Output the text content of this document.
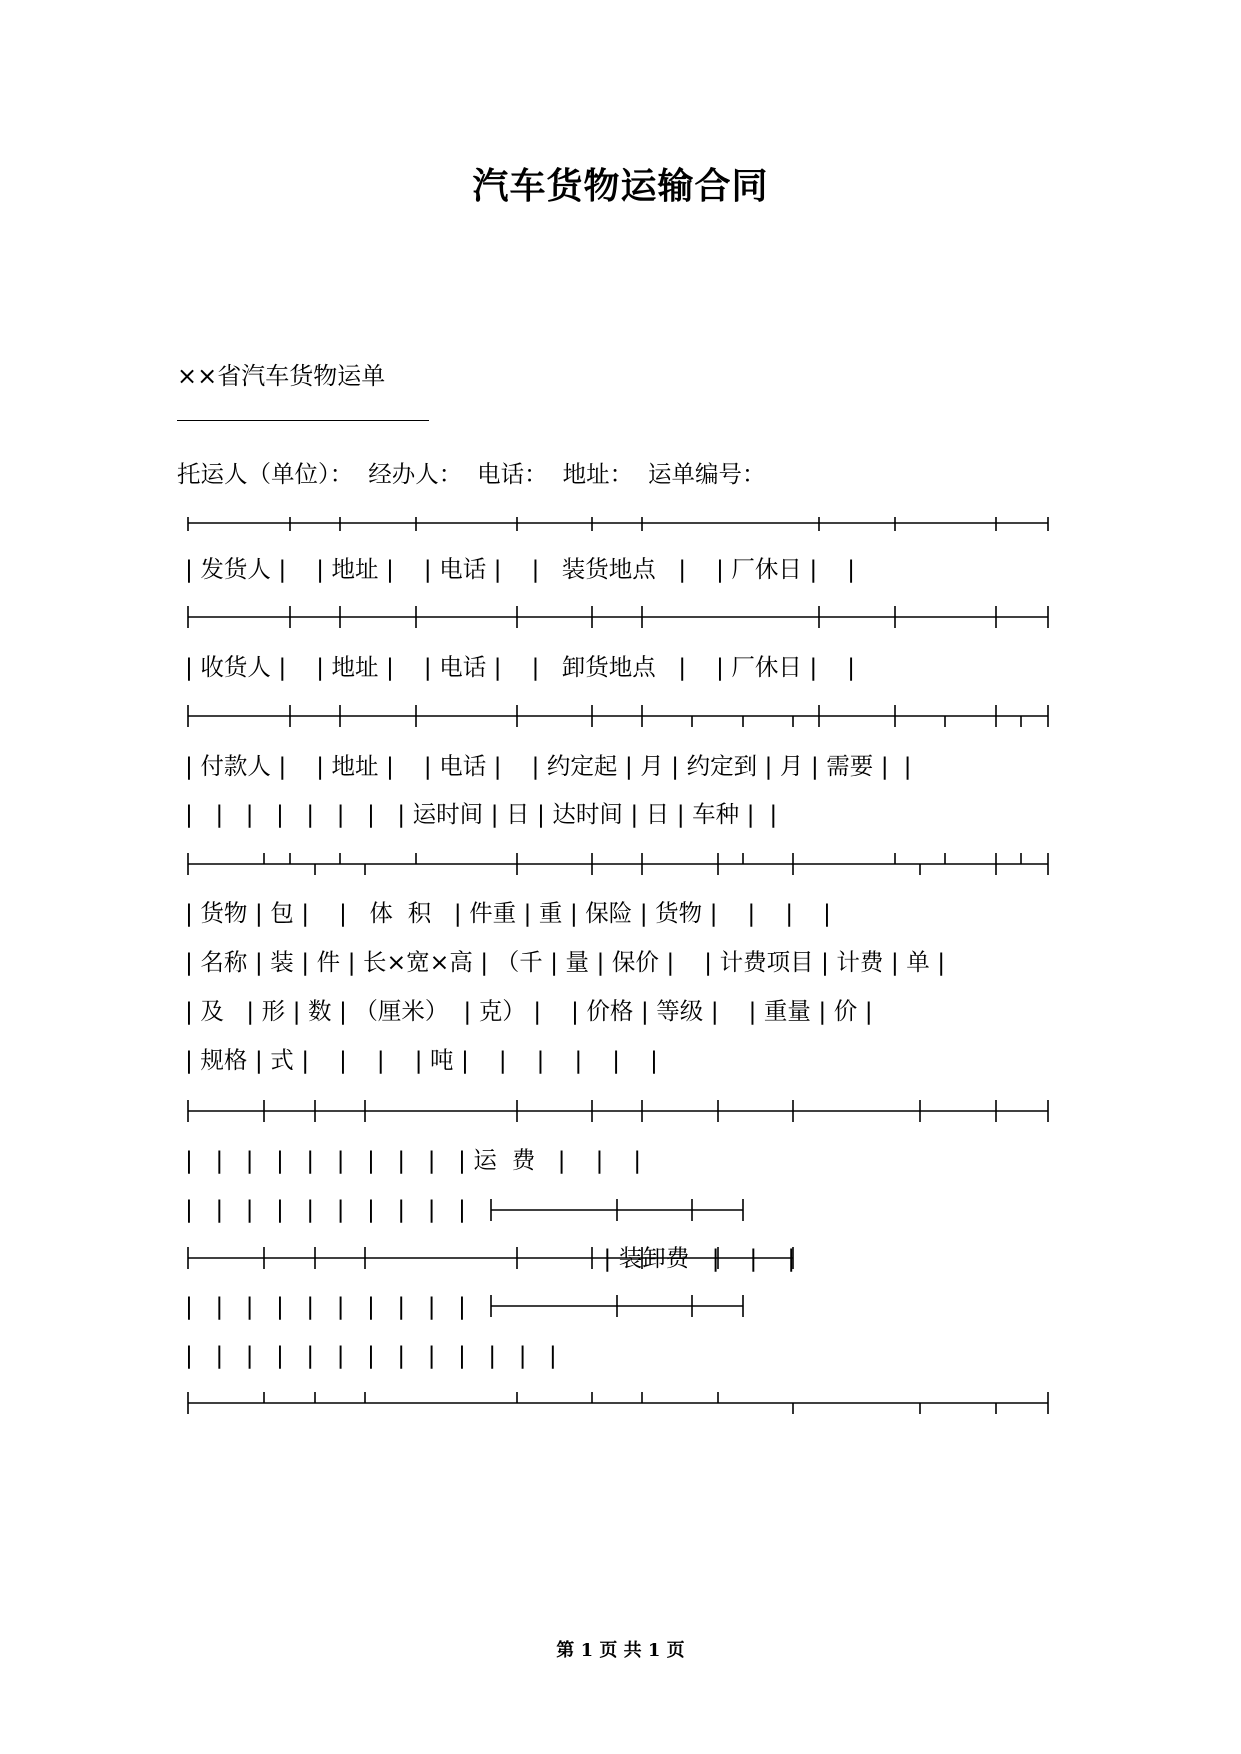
汽车货物运输合同
××省汽车货物运单
托运人（单位）：  经办人：  电话：  地址：  运单编号：
| 发货人 |    | 地址 |    | 电话 |    |   装货地点   |    | 厂休日 |    |
| 收货人 |    | 地址 |    | 电话 |    |   卸货地点   |    | 厂休日 |    |
| 付款人 |    | 地址 |    | 电话 |    | 约定起 | 月 | 约定到 | 月 | 需要 |  |
|   |   |   |   |   |   |   | 运时间 | 日 | 达时间 | 日 | 车种 |  |
| 货物 | 包 |    |   体  积   | 件重 | 重 | 保险 | 货物 |    |    |    |
| 名称 | 装 | 件 | 长×宽×高 | （千 | 量 | 保价 |    | 计费项目 | 计费 | 单 |
| 及   | 形 | 数 | （厘米）  | 克） |    | 价格 | 等级 |    | 重量 | 价 |
| 规格 | 式 |    |    |    | 吨 |    |    |    |    |    |
|   |   |   |   |   |   |   |   |   | 运  费   |    |    |
|   |   |   |   |   |   |   |   |   |
| 装卸费   |    |    |
|   |   |   |   |   |   |   |   |   |
|   |   |   |   |   |   |   |   |   |   |   |   |
第 1 页 共 1 页
